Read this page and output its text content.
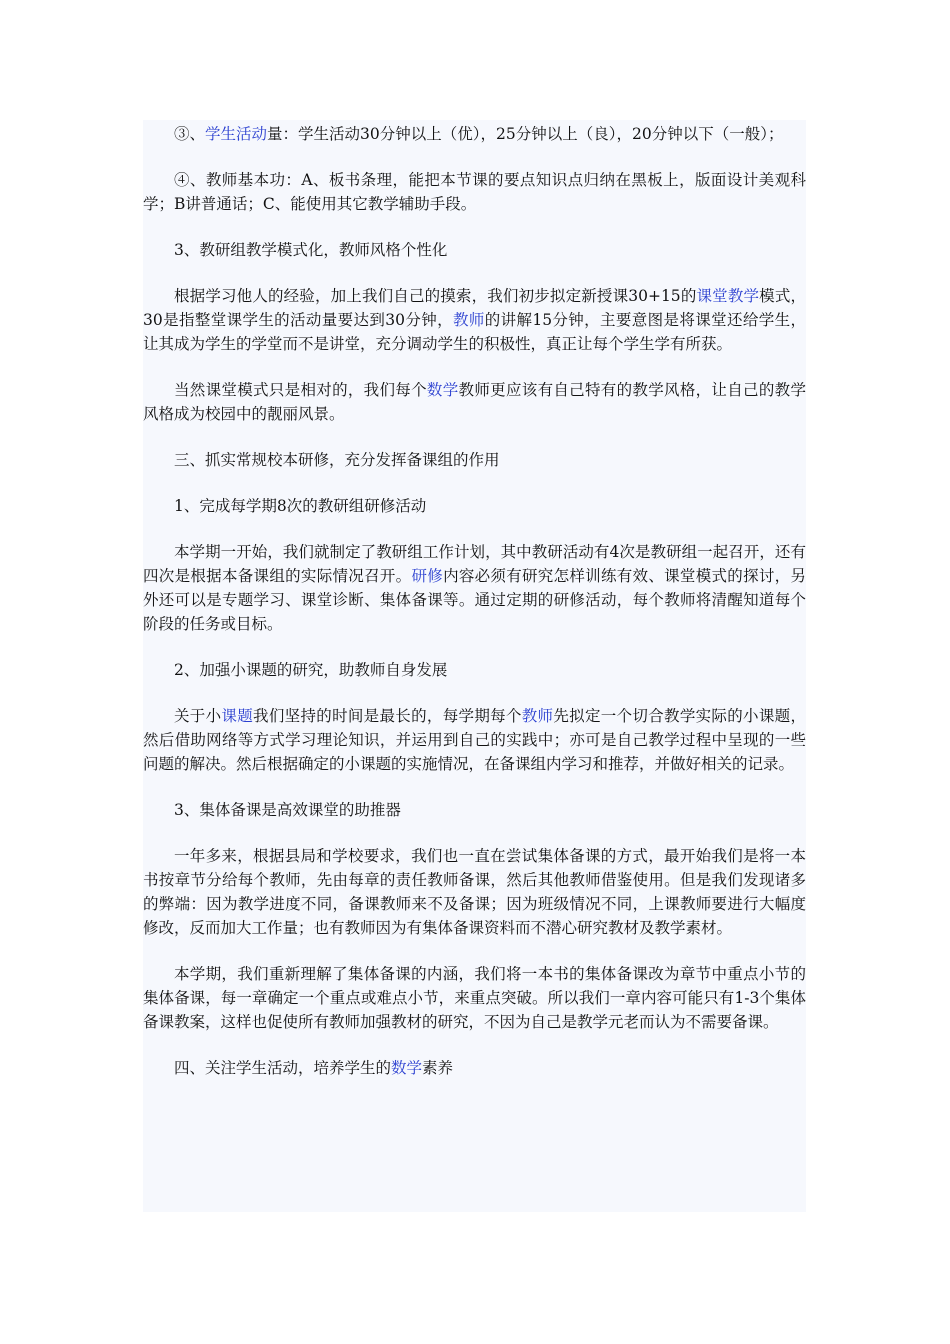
③、学生活动量：学生活动30分钟以上（优），25分钟以上（良），20分钟以下（一般）；

④、教师基本功：A、板书条理，能把本节课的要点知识点归纳在黑板上，版面设计美观科学；B讲普通话；C、能使用其它教学辅助手段。

3、教研组教学模式化，教师风格个性化

根据学习他人的经验，加上我们自己的摸索，我们初步拟定新授课30+15的课堂教学模式，30是指整堂课学生的活动量要达到30分钟，教师的讲解15分钟，主要意图是将课堂还给学生，让其成为学生的学堂而不是讲堂，充分调动学生的积极性，真正让每个学生学有所获。

当然课堂模式只是相对的，我们每个数学教师更应该有自己特有的教学风格，让自己的教学风格成为校园中的靓丽风景。

三、抓实常规校本研修，充分发挥备课组的作用

1、完成每学期8次的教研组研修活动

本学期一开始，我们就制定了教研组工作计划，其中教研活动有4次是教研组一起召开，还有四次是根据本备课组的实际情况召开。研修内容必须有研究怎样训练有效、课堂模式的探讨，另外还可以是专题学习、课堂诊断、集体备课等。通过定期的研修活动，每个教师将清醒知道每个阶段的任务或目标。

2、加强小课题的研究，助教师自身发展

关于小课题我们坚持的时间是最长的，每学期每个教师先拟定一个切合教学实际的小课题，然后借助网络等方式学习理论知识，并运用到自己的实践中；亦可是自己教学过程中呈现的一些问题的解决。然后根据确定的小课题的实施情况，在备课组内学习和推荐，并做好相关的记录。

3、集体备课是高效课堂的助推器

一年多来，根据县局和学校要求，我们也一直在尝试集体备课的方式，最开始我们是将一本书按章节分给每个教师，先由每章的责任教师备课，然后其他教师借鉴使用。但是我们发现诸多的弊端：因为教学进度不同，备课教师来不及备课；因为班级情况不同，上课教师要进行大幅度修改，反而加大工作量；也有教师因为有集体备课资料而不潜心研究教材及教学素材。

本学期，我们重新理解了集体备课的内涵，我们将一本书的集体备课改为章节中重点小节的集体备课，每一章确定一个重点或难点小节，来重点突破。所以我们一章内容可能只有1-3个集体备课教案，这样也促使所有教师加强教材的研究，不因为自己是教学元老而认为不需要备课。

四、关注学生活动，培养学生的数学素养
